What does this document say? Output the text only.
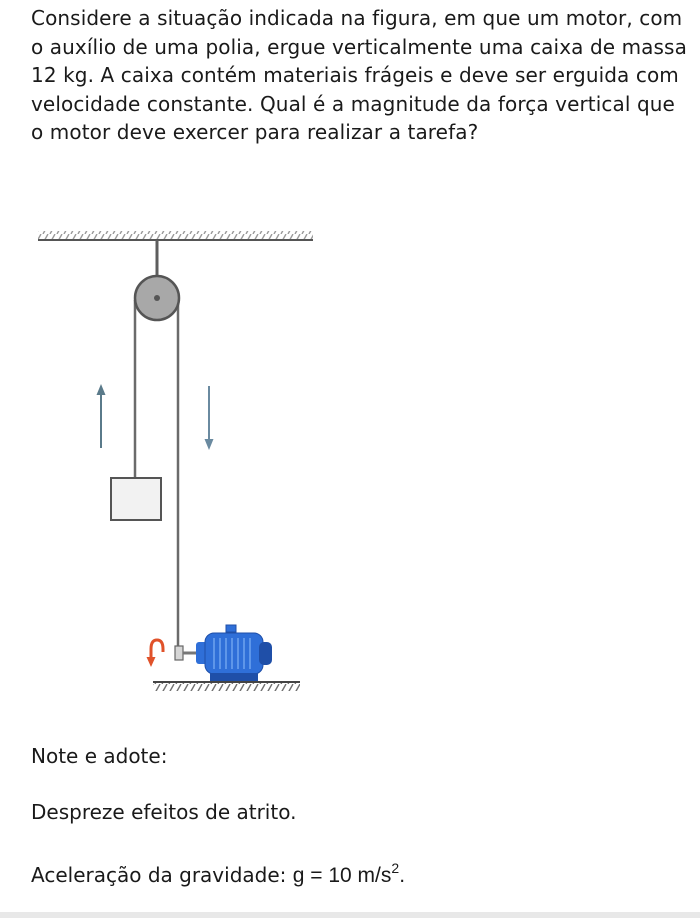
Considere a situação indicada na figura, em que um motor, com o auxílio de uma polia, ergue verticalmente uma caixa de massa 12 kg. A caixa contém materiais frágeis e deve ser erguida com velocidade constante. Qual é a magnitude da força vertical que o motor deve exercer para realizar a tarefa?

Note e adote:

Despreze efeitos de atrito.

Aceleração da gravidade: g = 10 $m/s^2$.
